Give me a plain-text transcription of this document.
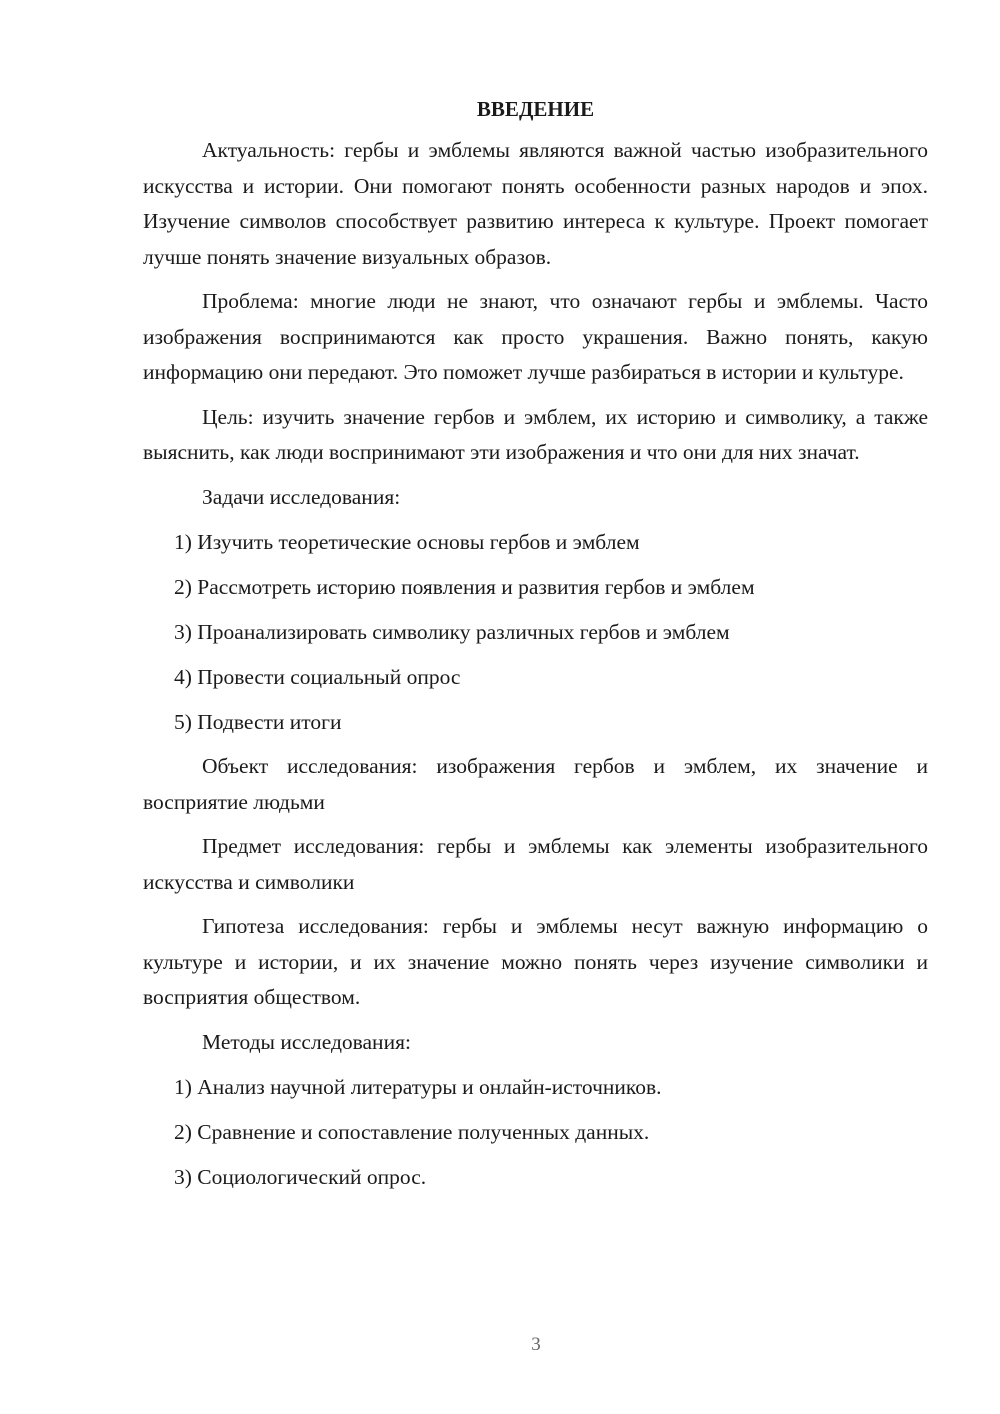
ВВЕДЕНИЕ

Актуальность: гербы и эмблемы являются важной частью изобразительного искусства и истории. Они помогают понять особенности разных народов и эпох. Изучение символов способствует развитию интереса к культуре. Проект помогает лучше понять значение визуальных образов.

Проблема: многие люди не знают, что означают гербы и эмблемы. Часто изображения воспринимаются как просто украшения. Важно понять, какую информацию они передают. Это поможет лучше разбираться в истории и культуре.

Цель: изучить значение гербов и эмблем, их историю и символику, а также выяснить, как люди воспринимают эти изображения и что они для них значат.

Задачи исследования:

1) Изучить теоретические основы гербов и эмблем

2) Рассмотреть историю появления и развития гербов и эмблем

3) Проанализировать символику различных гербов и эмблем

4) Провести социальный опрос

5) Подвести итоги

Объект исследования: изображения гербов и эмблем, их значение и восприятие людьми

Предмет исследования: гербы и эмблемы как элементы изобразительного искусства и символики

Гипотеза исследования: гербы и эмблемы несут важную информацию о культуре и истории, и их значение можно понять через изучение символики и восприятия обществом.

Методы исследования:

1) Анализ научной литературы и онлайн-источников.

2) Сравнение и сопоставление полученных данных.

3) Социологический опрос.

3
